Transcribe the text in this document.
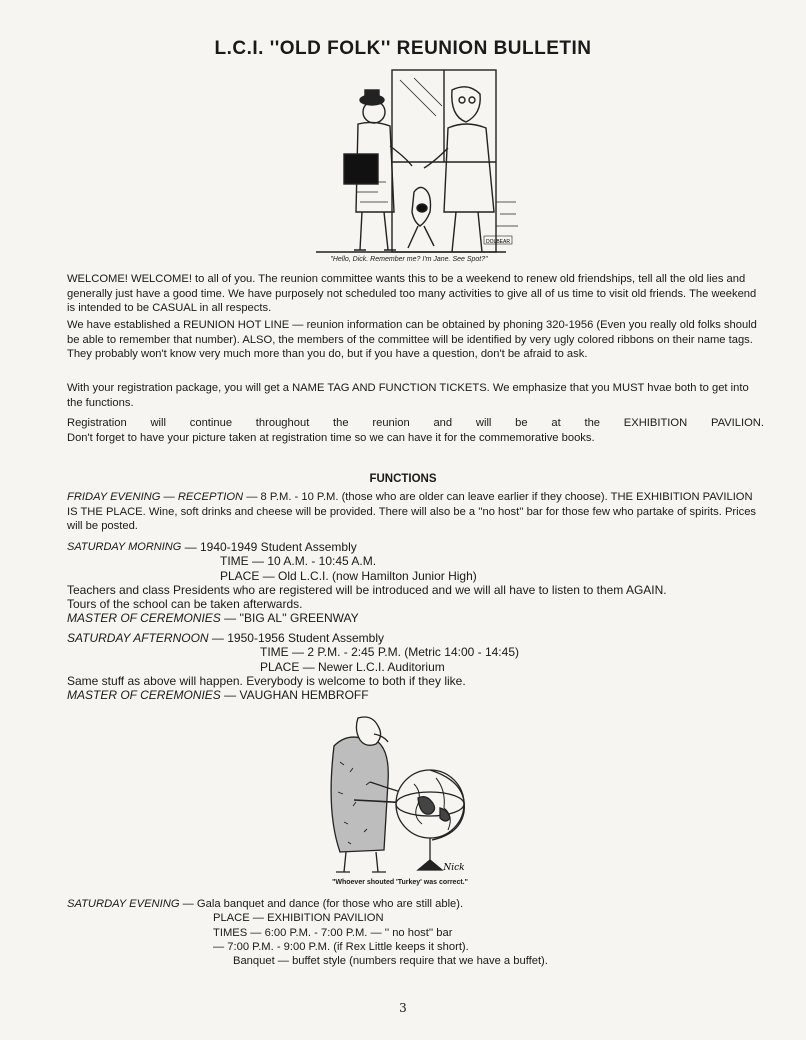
L.C.I. ''OLD FOLK'' REUNION BULLETIN
DOLBEAR
"Hello, Dick. Remember me? I'm Jane. See Spot?"

WELCOME! WELCOME! to all of you. The reunion committee wants this to be a weekend to renew old friendships, tell all the old lies and generally just have a good time. We have purposely not scheduled too many activities to give all of us time to visit old friends. The weekend is intended to be CASUAL in all respects.

We have established a REUNION HOT LINE — reunion information can be obtained by phoning 320-1956 (Even you really old folks should be able to remember that number). ALSO, the members of the committee will be identified by very ugly colored ribbons on their name tags. They probably won't know very much more than you do, but if you have a question, don't be afraid to ask.

With your registration package, you will get a NAME TAG AND FUNCTION TICKETS. We emphasize that you MUST hvae both to get into the functions.

Registration will continue throughout the reunion and will be at the EXHIBITION PAVILION.
Don't forget to have your picture taken at registration time so we can have it for the commemorative books.

FUNCTIONS

FRIDAY EVENING — RECEPTION — 8 P.M. - 10 P.M. (those who are older can leave earlier if they choose). THE EXHIBITION PAVILION IS THE PLACE. Wine, soft drinks and cheese will be provided. There will also be a ''no host'' bar for those few who partake of spirits. Prices will be posted.

SATURDAY MORNING — 1940-1949 Student Assembly
TIME — 10 A.M. - 10:45 A.M.
PLACE — Old L.C.I. (now Hamilton Junior High)
Teachers and class Presidents who are registered will be introduced and we will all have to listen to them AGAIN.
Tours of the school can be taken afterwards.
MASTER OF CEREMONIES — ''BIG AL'' GREENWAY
SATURDAY AFTERNOON — 1950-1956 Student Assembly
TIME — 2 P.M. - 2:45 P.M. (Metric 14:00 - 14:45)
PLACE — Newer L.C.I. Auditorium
Same stuff as above will happen. Everybody is welcome to both if they like.
MASTER OF CEREMONIES — VAUGHAN HEMBROFF
Nick
"Whoever shouted 'Turkey' was correct."
SATURDAY EVENING — Gala banquet and dance (for those who are still able).
PLACE — EXHIBITION PAVILION
TIMES — 6:00 P.M. - 7:00 P.M. — '' no host'' bar
— 7:00 P.M. - 9:00 P.M. (if Rex Little keeps it short).
Banquet — buffet style (numbers require that we have a buffet).
3
